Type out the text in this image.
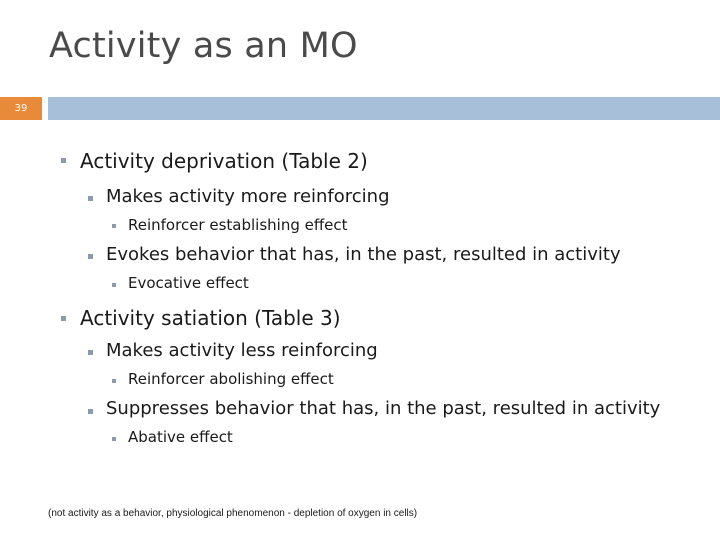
Activity as an MO
39
Activity deprivation (Table 2)
Makes activity more reinforcing
Reinforcer establishing effect
Evokes behavior that has, in the past, resulted in activity
Evocative effect
Activity satiation (Table 3)
Makes activity less reinforcing
Reinforcer abolishing effect
Suppresses behavior that has, in the past, resulted in activity
Abative effect
(not activity as a behavior, physiological phenomenon - depletion of oxygen in cells)
